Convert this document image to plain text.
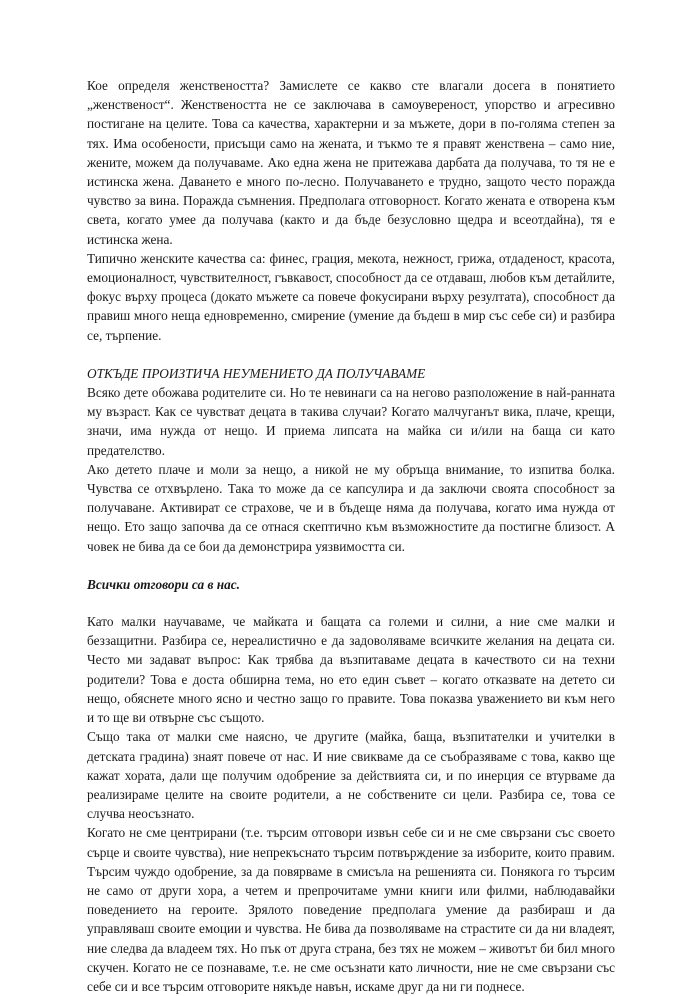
Кое определя женствеността? Замислете се какво сте влагали досега в понятието „женственост“. Женствеността не се заключава в самоувереност, упорство и агресивно постигане на целите. Това са качества, характерни и за мъжете, дори в по-голяма степен за тях. Има особености, присъщи само на жената, и тъкмо те я правят женствена – само ние, жените, можем да получаваме. Ако една жена не притежава дарбата да получава, то тя не е истинска жена. Даването е много по-лесно. Получаването е трудно, защото често поражда чувство за вина. Поражда съмнения. Предполага отговорност. Когато жената е отворена към света, когато умее да получава (както и да бъде безусловно щедра и всеотдайна), тя е истинска жена.

Типично женските качества са: финес, грация, мекота, нежност, грижа, отдаденост, красота, емоционалност, чувствителност, гъвкавост, способност да се отдаваш, любов към детайлите, фокус върху процеса (докато мъжете са повече фокусирани върху резултата), способност да правиш много неща едновременно, смирение (умение да бъдеш в мир със себе си) и разбира се, търпение.

ОТКЪДЕ ПРОИЗТИЧА НЕУМЕНИЕТО ДА ПОЛУЧАВАМЕ

Всяко дете обожава родителите си. Но те невинаги са на негово разположение в най-ранната му възраст. Как се чувстват децата в такива случаи? Когато малчуганът вика, плаче, крещи, значи, има нужда от нещо. И приема липсата на майка си и/или на баща си като предателство.

Ако детето плаче и моли за нещо, а никой не му обръща внимание, то изпитва болка. Чувства се отхвърлено. Така то може да се капсулира и да заключи своята способност за получаване. Активират се страхове, че и в бъдеще няма да получава, когато има нужда от нещо. Ето защо започва да се отнася скептично към възможностите да постигне близост. А човек не бива да се бои да демонстрира уязвимостта си.

Всички отговори са в нас.

Като малки научаваме, че майката и бащата са големи и силни, а ние сме малки и беззащитни. Разбира се, нереалистично е да задоволяваме всичките желания на децата си. Често ми задават въпрос: Как трябва да възпитаваме децата в качеството си на техни родители? Това е доста обширна тема, но ето един съвет – когато отказвате на детето си нещо, обяснете много ясно и честно защо го правите. Това показва уважението ви към него и то ще ви отвърне със същото.

Също така от малки сме наясно, че другите (майка, баща, възпитателки и учителки в детската градина) знаят повече от нас. И ние свикваме да се съобразяваме с това, какво ще кажат хората, дали ще получим одобрение за действията си, и по инерция се втурваме да реализираме целите на своите родители, а не собствените си цели. Разбира се, това се случва неосъзнато.

Когато не сме центрирани (т.е. търсим отговори извън себе си и не сме свързани със своето сърце и своите чувства), ние непрекъснато търсим потвърждение за изборите, които правим. Търсим чуждо одобрение, за да повярваме в смисъла на решенията си. Понякога го търсим не само от други хора, а четем и препрочитаме умни книги или филми, наблюдавайки поведението на героите. Зрялото поведение предполага умение да разбираш и да управляваш своите емоции и чувства. Не бива да позволяваме на страстите си да ни владеят, ние следва да владеем тях. Но пък от друга страна, без тях не можем – животът би бил много скучен. Когато не се познаваме, т.е. не сме осъзнати като личности, ние не сме свързани със себе си и все търсим отговорите някъде навън, искаме друг да ни ги поднесе.
